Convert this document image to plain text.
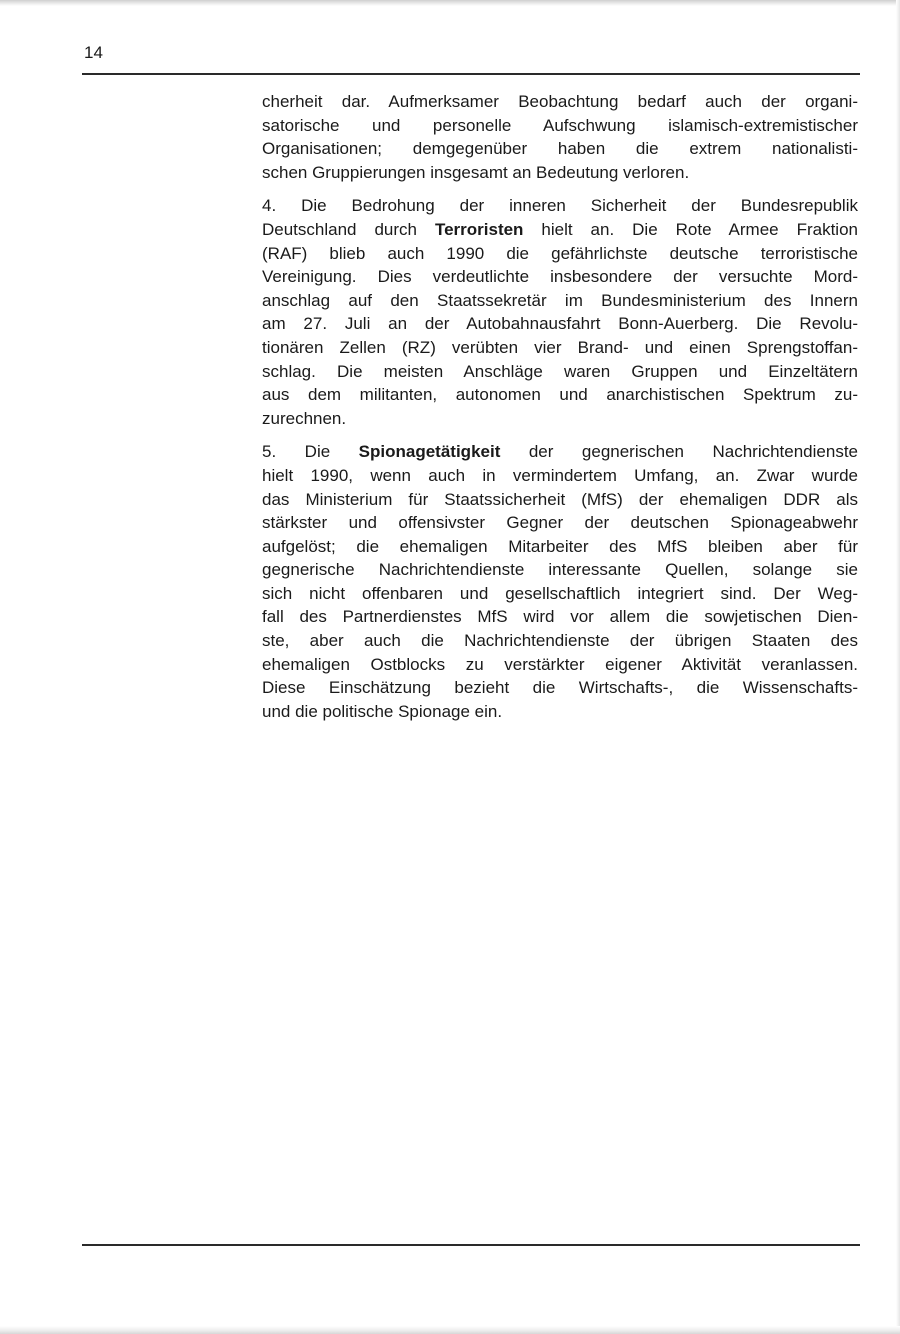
14
cherheit dar. Aufmerksamer Beobachtung bedarf auch der organi-
satorische und personelle Aufschwung islamisch-extremistischer
Organisationen; demgegenüber haben die extrem nationalisti-
schen Gruppierungen insgesamt an Bedeutung verloren.
4. Die Bedrohung der inneren Sicherheit der Bundesrepublik
Deutschland durch Terroristen hielt an. Die Rote Armee Fraktion
(RAF) blieb auch 1990 die gefährlichste deutsche terroristische
Vereinigung. Dies verdeutlichte insbesondere der versuchte Mord-
anschlag auf den Staatssekretär im Bundesministerium des Innern
am 27. Juli an der Autobahnausfahrt Bonn-Auerberg. Die Revolu-
tionären Zellen (RZ) verübten vier Brand- und einen Sprengstoffan-
schlag. Die meisten Anschläge waren Gruppen und Einzeltätern
aus dem militanten, autonomen und anarchistischen Spektrum zu-
zurechnen.
5. Die Spionagetätigkeit der gegnerischen Nachrichtendienste
hielt 1990, wenn auch in vermindertem Umfang, an. Zwar wurde
das Ministerium für Staatssicherheit (MfS) der ehemaligen DDR als
stärkster und offensivster Gegner der deutschen Spionageabwehr
aufgelöst; die ehemaligen Mitarbeiter des MfS bleiben aber für
gegnerische Nachrichtendienste interessante Quellen, solange sie
sich nicht offenbaren und gesellschaftlich integriert sind. Der Weg-
fall des Partnerdienstes MfS wird vor allem die sowjetischen Dien-
ste, aber auch die Nachrichtendienste der übrigen Staaten des
ehemaligen Ostblocks zu verstärkter eigener Aktivität veranlassen.
Diese Einschätzung bezieht die Wirtschafts-, die Wissenschafts-
und die politische Spionage ein.
